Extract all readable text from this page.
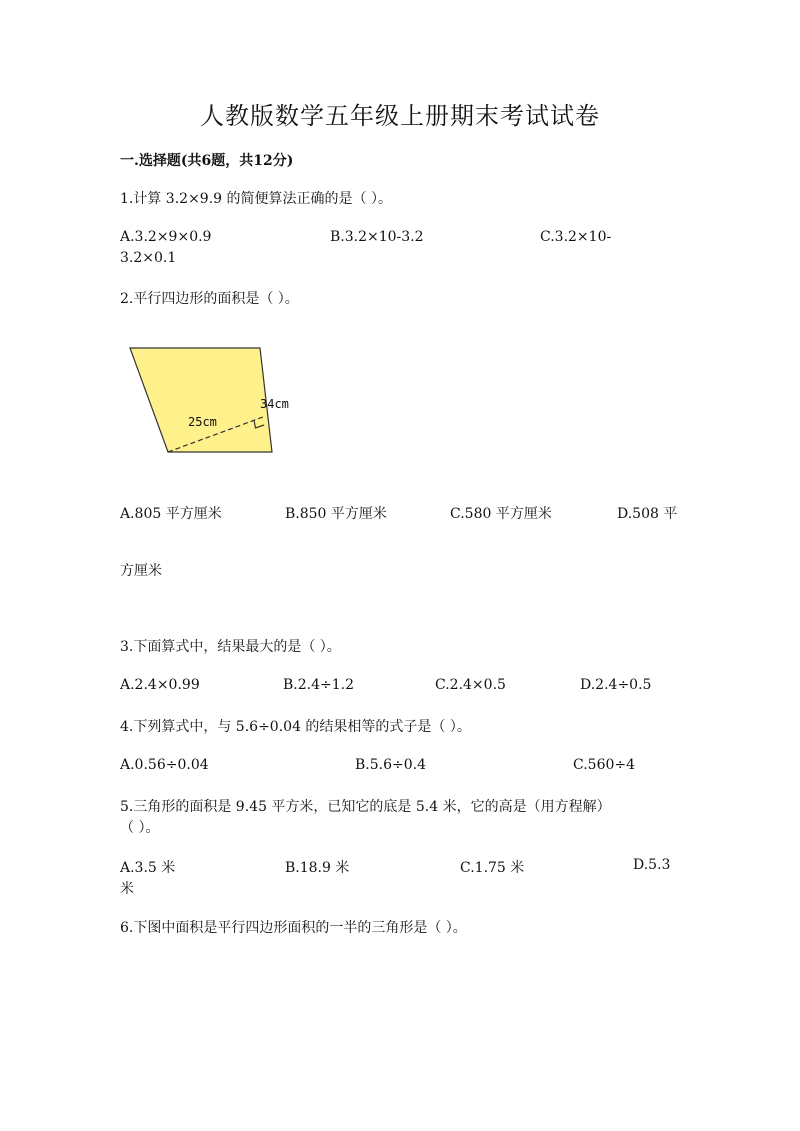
人教版数学五年级上册期末考试试卷
一.选择题(共6题，共12分)
1.计算 3.2×9.9 的简便算法正确的是（ ）。
A.3.2×9×0.9	B.3.2×10-3.2	C.3.2×10-
3.2×0.1
2.平行四边形的面积是（ ）。
34cm
25cm
A.805 平方厘米	B.850 平方厘米	C.580 平方厘米	D.508 平
方厘米
3.下面算式中，结果最大的是（ ）。
A.2.4×0.99	B.2.4÷1.2	C.2.4×0.5	D.2.4÷0.5
4.下列算式中，与 5.6÷0.04 的结果相等的式子是（ ）。
A.0.56÷0.04	B.5.6÷0.4	C.560÷4
5.三角形的面积是 9.45 平方米，已知它的底是 5.4 米，它的高是（用方程解）
（ ）。
A.3.5 米	B.18.9 米	C.1.75 米	D.5.3
米
6.下图中面积是平行四边形面积的一半的三角形是（ ）。
